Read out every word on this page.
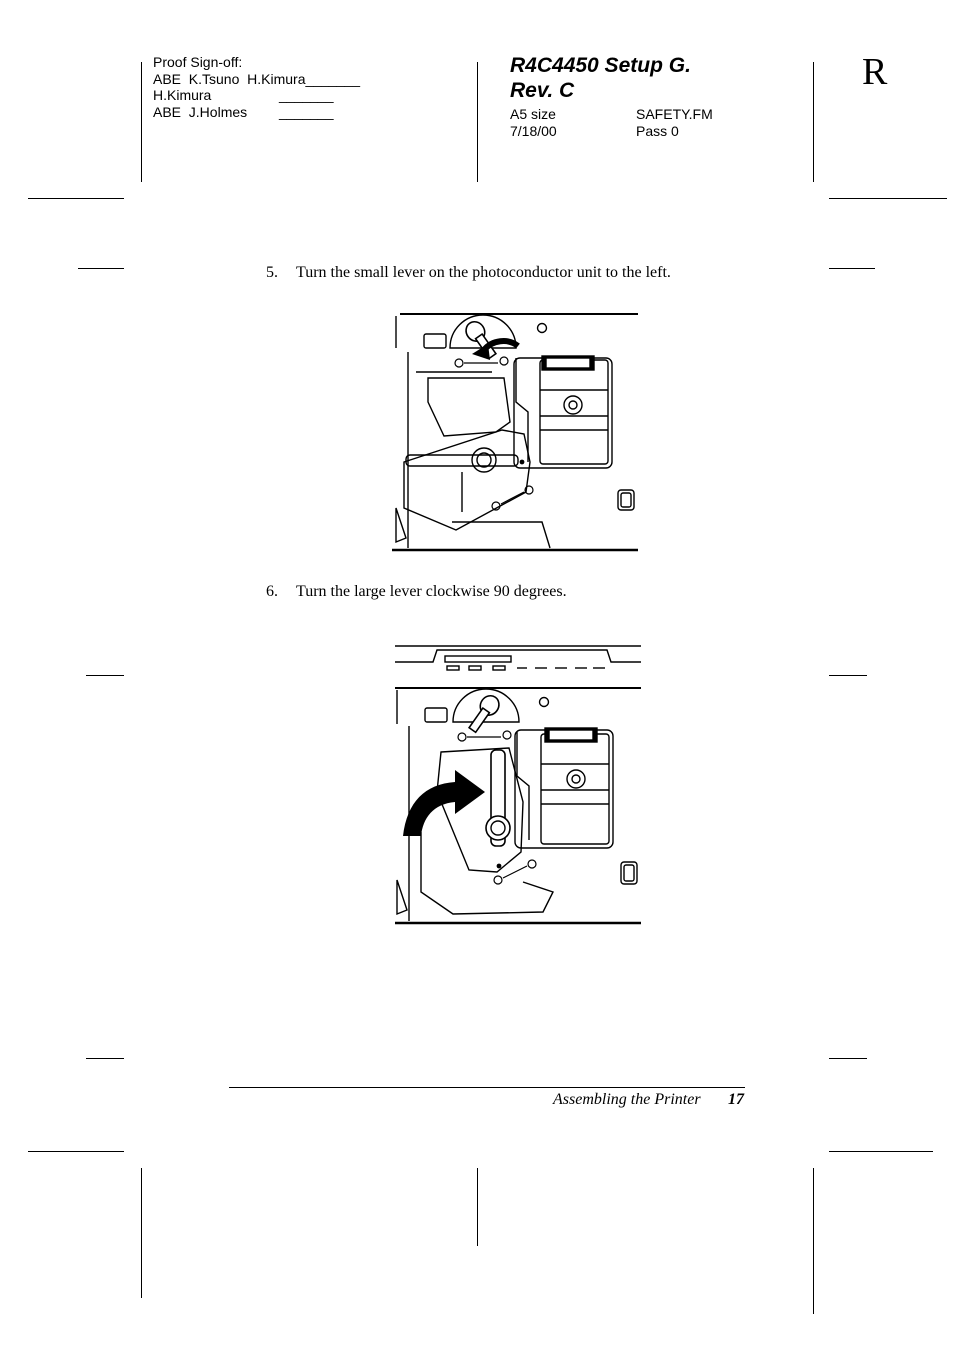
Proof Sign-off:
ABE  K.Tsuno  H.Kimura_______
H.Kimura	_______
ABE  J.Holmes _______
R4C4450 Setup G.
Rev. C
A5 size	SAFETY.FM
7/18/00	Pass 0
R
5. Turn the small lever on the photoconductor unit to the left.
6. Turn the large lever clockwise 90 degrees.
Assembling the Printer 17
